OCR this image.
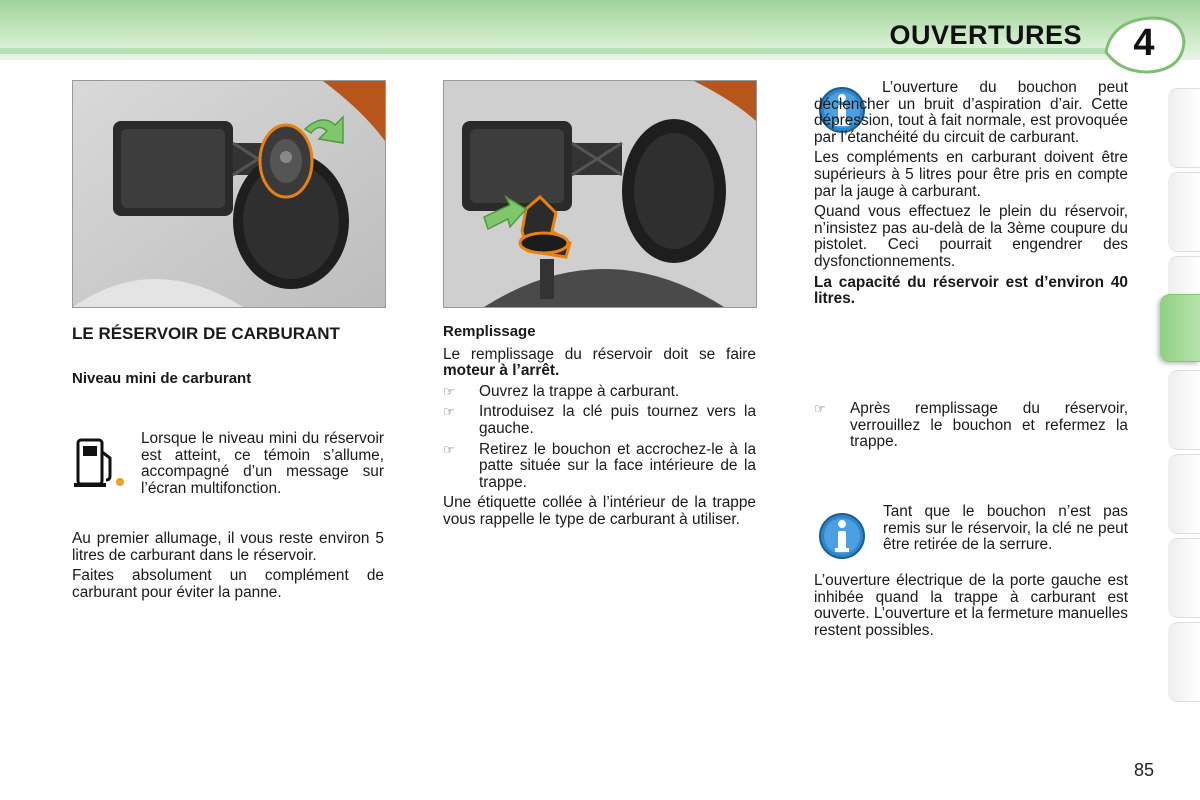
OUVERTURES	4
LE RÉSERVOIR DE CARBURANT
Niveau mini de carburant

Lorsque le niveau mini du réservoir est atteint, ce témoin s’allume, accompagné d’un message sur l’écran multifonction.

Au premier allumage, il vous reste environ 5 litres de carburant dans le réservoir.

Faites absolument un complément de carburant pour éviter la panne.

Remplissage

Le remplissage du réservoir doit se faire moteur à l’arrêt.

☞ Ouvrez la trappe à carburant.
☞ Introduisez la clé puis tournez vers la gauche.
☞ Retirez le bouchon et accrochez-le à la patte située sur la face intérieure de la trappe.

Une étiquette collée à l’intérieur de la trappe vous rappelle le type de carburant à utiliser.

L’ouverture du bouchon peut déclencher un bruit d’aspiration d’air. Cette dépression, tout à fait normale, est provoquée par l’étanchéité du circuit de carburant.

Les compléments en carburant doivent être supérieurs à 5 litres pour être pris en compte par la jauge à carburant.

Quand vous effectuez le plein du réservoir, n’insistez pas au-delà de la 3ème coupure du pistolet. Ceci pourrait engendrer des dysfonctionnements.

La capacité du réservoir est d’environ 40 litres.

☞ Après remplissage du réservoir, verrouillez le bouchon et refermez la trappe.

Tant que le bouchon n’est pas remis sur le réservoir, la clé ne peut être retirée de la serrure.

L’ouverture électrique de la porte gauche est inhibée quand la trappe à carburant est ouverte. L’ouverture et la fermeture manuelles restent possibles.

85
